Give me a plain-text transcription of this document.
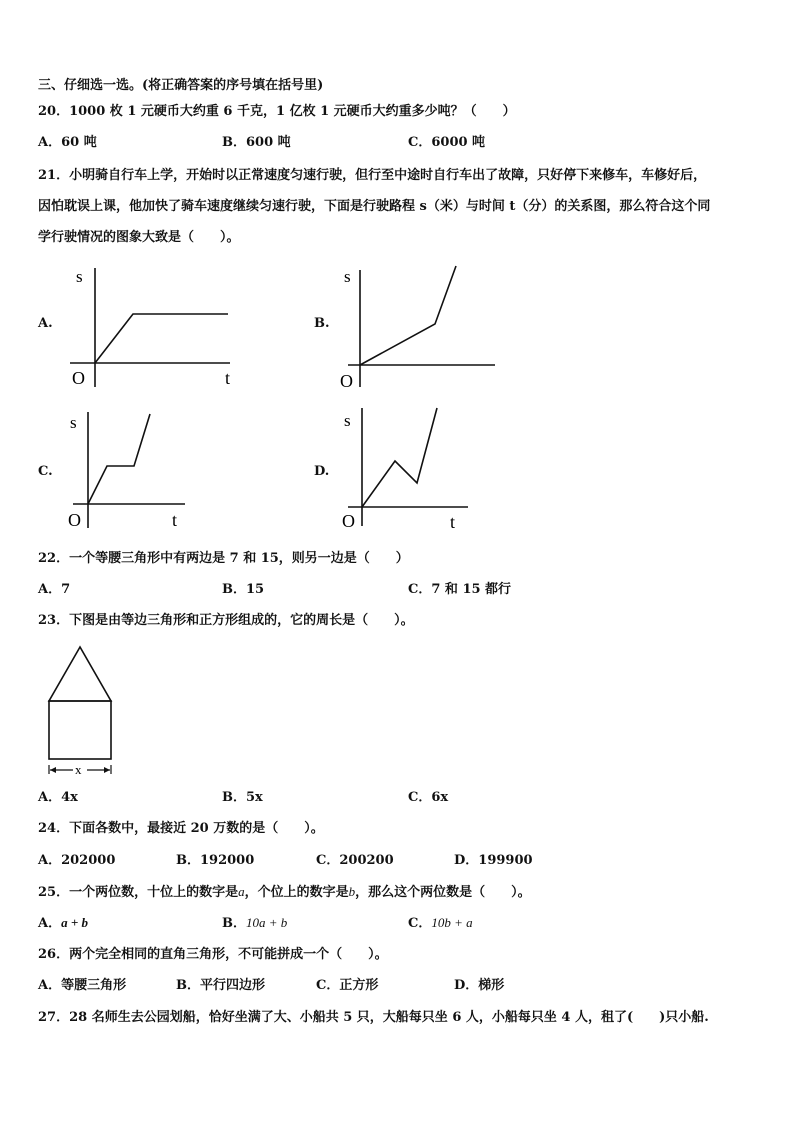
三、仔细选一选。(将正确答案的序号填在括号里)
20．1000 枚 1 元硬币大约重 6 千克，1 亿枚 1 元硬币大约重多少吨？（　　）
A．60 吨	B．600 吨	C．6000 吨
21．小明骑自行车上学，开始时以正常速度匀速行驶，但行至中途时自行车出了故障，只好停下来修车，车修好后，
因怕耽误上课，他加快了骑车速度继续匀速行驶，下面是行驶路程 s（米）与时间 t（分）的关系图，那么符合这个同
学行驶情况的图象大致是（　　）。
A.
s
O	t
B.
s
O
C.
s
O	t
D.
s
O	t
22．一个等腰三角形中有两边是 7 和 15，则另一边是（　　）
A．7	B．15	C．7 和 15 都行
23．下图是由等边三角形和正方形组成的，它的周长是（　　）。
x
A．4x	B．5x	C．6x
24．下面各数中，最接近 20 万数的是（　　）。
A．202000	B．192000	C．200200	D．199900
25．一个两位数，十位上的数字是a，个位上的数字是b，那么这个两位数是（　　）。
A．a + b	B．10a + b	C．10b + a
26．两个完全相同的直角三角形，不可能拼成一个（　　）。
A．等腰三角形	B．平行四边形	C．正方形	D．梯形
27．28 名师生去公园划船，恰好坐满了大、小船共 5 只，大船每只坐 6 人，小船每只坐 4 人，租了(　　)只小船.
